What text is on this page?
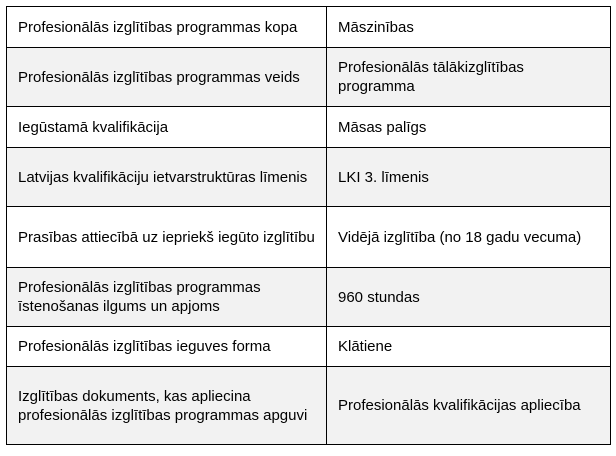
Profesionālās izglītības programmas kopa	Māszinības
Profesionālās izglītības programmas veids	Profesionālās tālākizglītības programma
Iegūstamā kvalifikācija	Māsas palīgs
Latvijas kvalifikāciju ietvarstruktūras līmenis	LKI 3. līmenis
Prasības attiecībā uz iepriekš iegūto izglītību	Vidējā izglītība (no 18 gadu vecuma)
Profesionālās izglītības programmas īstenošanas ilgums un apjoms	960 stundas
Profesionālās izglītības ieguves forma	Klātiene
Izglītības dokuments, kas apliecina profesionālās izglītības programmas apguvi	Profesionālās kvalifikācijas apliecība
